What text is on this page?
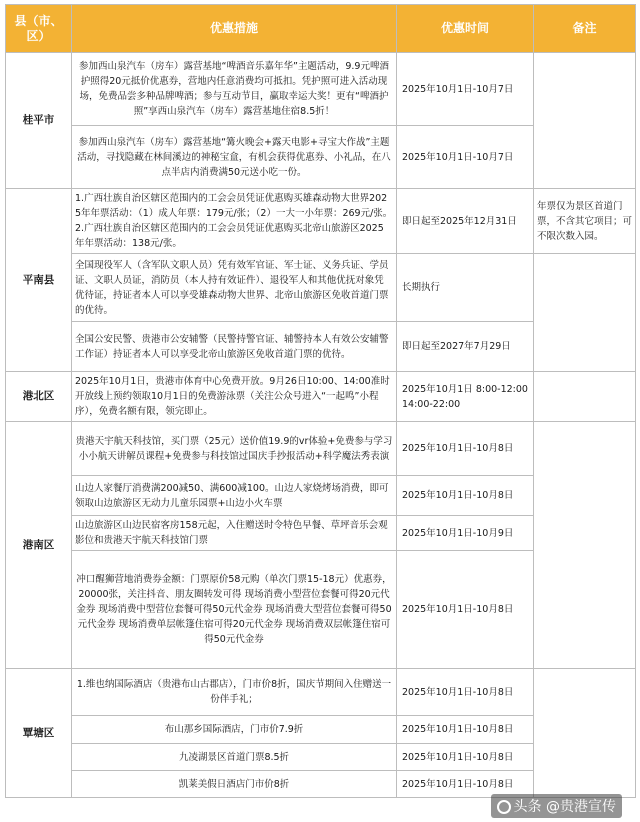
县（市、区）	优惠措施	优惠时间	备注
桂平市	参加西山泉汽车（房车）露营基地“啤酒音乐嘉年华”主题活动，9.9元啤酒护照得20元抵价优惠券，营地内任意消费均可抵扣。凭护照可进入活动现场，免费品尝多种品牌啤酒；参与互动节目，赢取幸运大奖！更有“啤酒护照”享西山泉汽车（房车）露营基地住宿8.5折！	2025年10月1日-10月7日	
	参加西山泉汽车（房车）露营基地“篝火晚会+露天电影+寻宝大作战”主题活动，寻找隐藏在林间溪边的神秘宝盒，有机会获得优惠券、小礼品，在八点半店内消费满50元送小吃一份。	2025年10月1日-10月7日	
平南县	1.广西壮族自治区辖区范围内的工会会员凭证优惠购买雄森动物大世界2025年年票活动：（1）成人年票：179元/张；（2）一大一小年票：269元/张。2.广西壮族自治区辖区范围内的工会会员凭证优惠购买北帝山旅游区2025年年票活动：138元/张。	即日起至2025年12月31日	年票仅为景区首道门票，不含其它项目；可不限次数入园。
	全国现役军人（含军队文职人员）凭有效军官证、军士证、义务兵证、学员证、文职人员证，消防员（本人持有效证件）、退役军人和其他优抚对象凭优待证，持证者本人可以享受雄森动物大世界、北帝山旅游区免收首道门票的优待。	长期执行	
	全国公安民警、贵港市公安辅警（民警持警官证、辅警持本人有效公安辅警工作证）持证者本人可以享受北帝山旅游区免收首道门票的优待。	即日起至2027年7月29日	
港北区	2025年10月1日，贵港市体育中心免费开放。9月26日10:00、14:00准时开放线上预约领取10月1日的免费游泳票（关注公众号进入“一起鸣”小程序），免费名额有限，领完即止。	2025年10月1日 8:00-12:00 14:00-22:00	
港南区	贵港天宇航天科技馆，买门票（25元）送价值19.9的vr体验+免费参与学习小小航天讲解员课程+免费参与科技馆过国庆手抄报活动+科学魔法秀表演	2025年10月1日-10月8日	
	山边人家餐厅消费满200减50、满600减100。山边人家烧烤场消费，即可领取山边旅游区无动力儿童乐园票+山边小火车票	2025年10月1日-10月8日	
	山边旅游区山边民宿客房158元起，入住赠送时令特色早餐、草坪音乐会观影位和贵港天宇航天科技馆门票	2025年10月1日-10月9日	
	冲口醒狮营地消费券金额：门票原价58元购（单次门票15-18元）优惠券，20000张，关注抖音、朋友圈转发可得 现场消费小型营位套餐可得20元代金券 现场消费中型营位套餐可得50元代金券 现场消费大型营位套餐可得50元代金券 现场消费单层帐篷住宿可得20元代金券 现场消费双层帐篷住宿可得50元代金券	2025年10月1日-10月8日	
覃塘区	1.维也纳国际酒店（贵港布山古郡店），门市价8折，国庆节期间入住赠送一份伴手礼；	2025年10月1日-10月8日	
	布山那乡国际酒店，门市价7.9折	2025年10月1日-10月8日	
	九凌湖景区首道门票8.5折	2025年10月1日-10月8日	
	凯莱美假日酒店门市价8折	2025年10月1日-10月8日	
头条 @贵港宣传
